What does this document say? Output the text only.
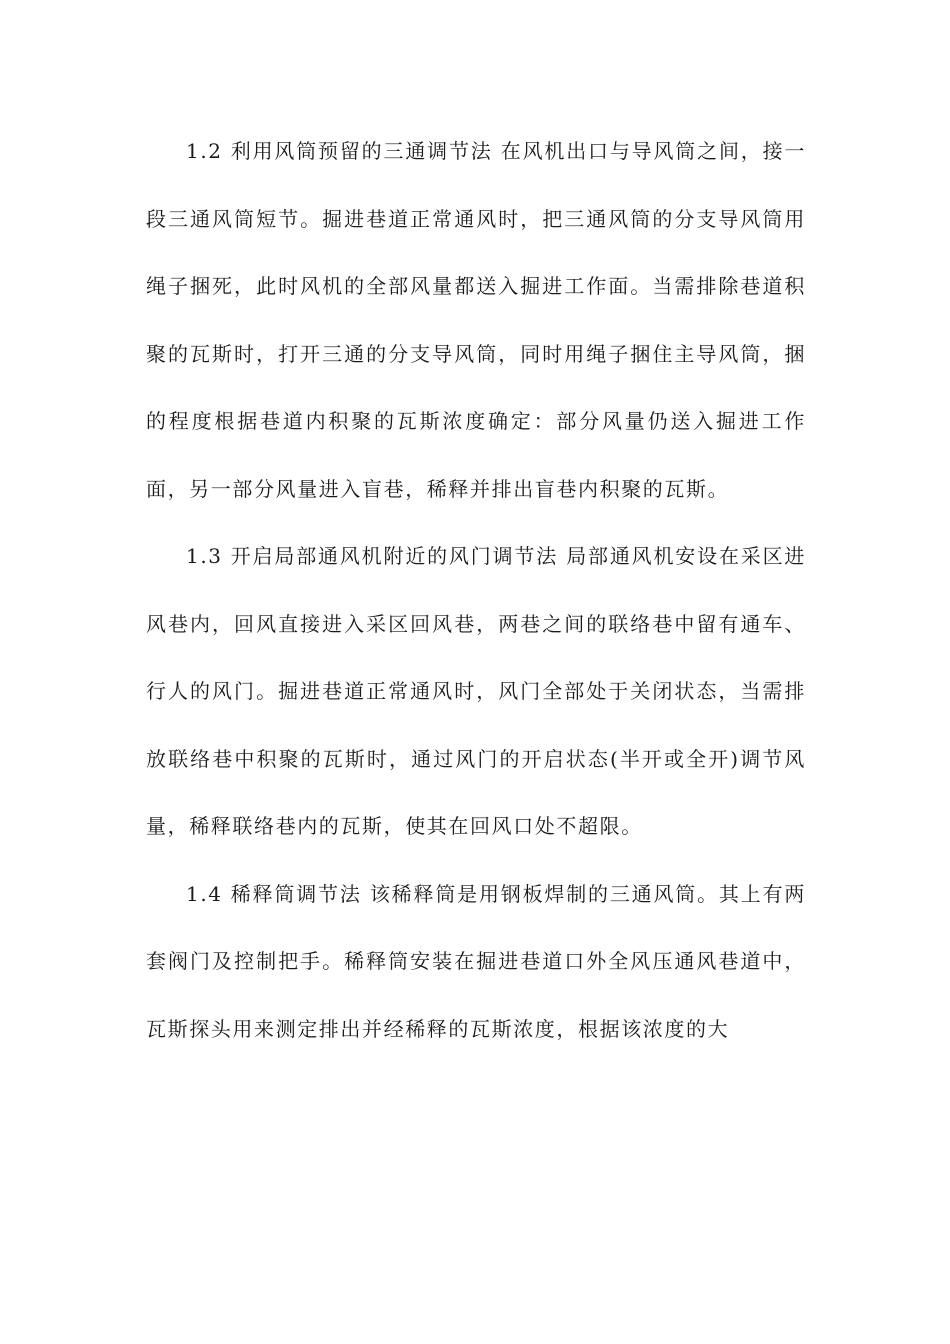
1.2 利用风筒预留的三通调节法 在风机出口与导风筒之间，接一段三通风筒短节。掘进巷道正常通风时，把三通风筒的分支导风筒用绳子捆死，此时风机的全部风量都送入掘进工作面。当需排除巷道积聚的瓦斯时，打开三通的分支导风筒，同时用绳子捆住主导风筒，捆的程度根据巷道内积聚的瓦斯浓度确定：部分风量仍送入掘进工作面，另一部分风量进入盲巷，稀释并排出盲巷内积聚的瓦斯。

1.3 开启局部通风机附近的风门调节法 局部通风机安设在采区进风巷内，回风直接进入采区回风巷，两巷之间的联络巷中留有通车、行人的风门。掘进巷道正常通风时，风门全部处于关闭状态，当需排放联络巷中积聚的瓦斯时，通过风门的开启状态(半开或全开)调节风量，稀释联络巷内的瓦斯，使其在回风口处不超限。

1.4 稀释筒调节法 该稀释筒是用钢板焊制的三通风筒。其上有两套阀门及控制把手。稀释筒安装在掘进巷道口外全风压通风巷道中，瓦斯探头用来测定排出并经稀释的瓦斯浓度，根据该浓度的大
